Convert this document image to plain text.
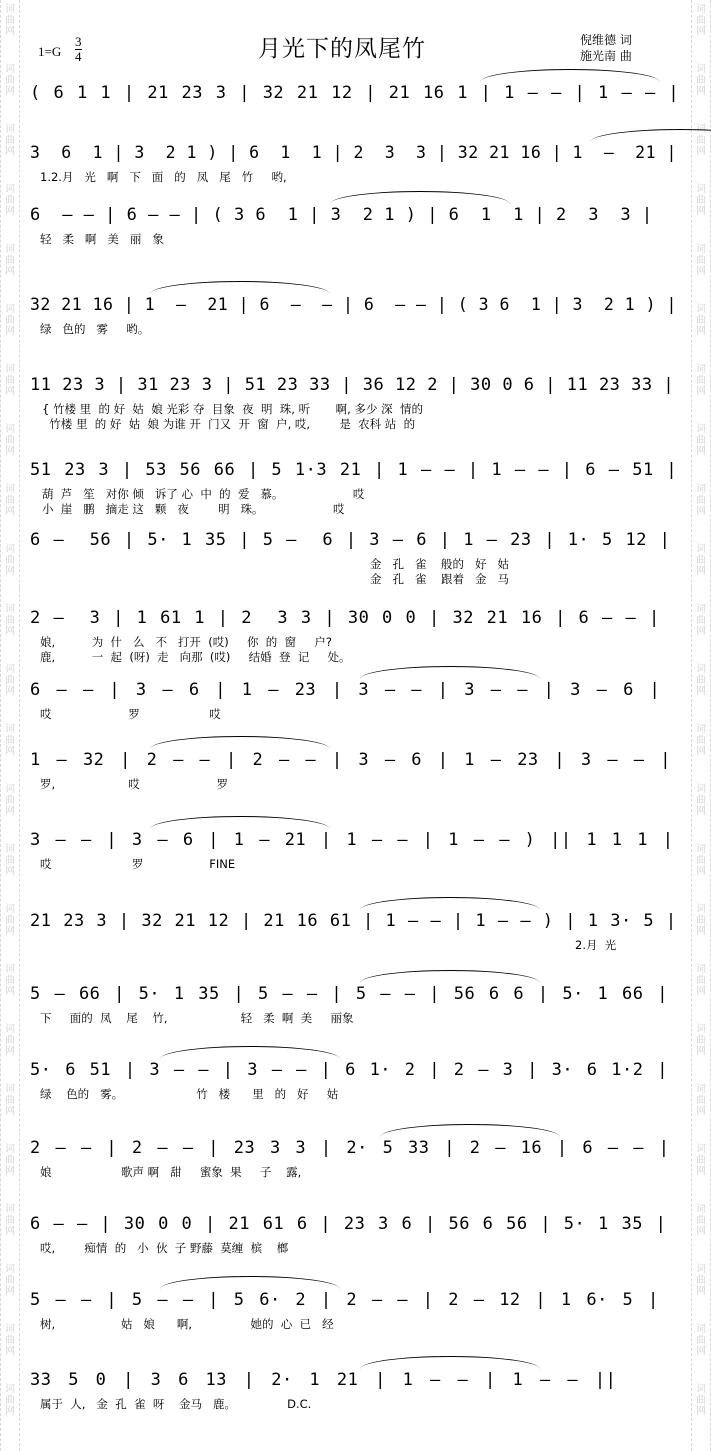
词
曲
网
词
曲
网
词
曲
网
词
曲
网
词
曲
网
词
曲
网
词
曲
网
词
曲
网
词
曲
网
词
曲
网
词
曲
网
词
曲
网
词
曲
网
词
曲
网
词
曲
网
词
曲
网
词
曲
网
词
曲
网
词
曲
网
词
曲
网
词
曲
网
词
曲
网
词
曲
网
词
曲
网
词
曲
网
词
曲
网
词
曲
网
词
曲
网
词
曲
网
词
曲
网
词
曲
网
词
曲
网
词
曲
网
词
曲
网
词
曲
网
词
曲
网
词
曲
网
词
曲
网
词
曲
网
词
曲
网
词
曲
网
词
曲
网
词
曲
网
词
曲
网
词
曲
网
词
曲
网
词
曲
网
词
曲
网
1=G
3
4	月光下的凤尾竹	倪维德 词
施光南 曲
( 6 1 1 | 21 23 3 | 32 21 12 | 21 16 1 | 1 – – | 1 – – |
3  6  1 | 3  2 1 ) | 6  1  1 | 2  3  3 | 32 21 16 | 1  –  21 |
1.2.月   光   啊   下   面   的   凤   尾   竹     哟,
6  – – | 6 – – | ( 3 6  1 | 3  2 1 ) | 6  1  1 | 2  3  3 |
轻   柔   啊   美   丽   象
32 21 16 | 1  –  21 | 6  –  – | 6  – – | ( 3 6  1 | 3  2 1 ) |
绿   色的   雾     哟。
11 23 3 | 31 23 3 | 51 23 33 | 36 12 2 | 30 0 6 | 11 23 33 |
{ 竹楼 里  的 好  姑  娘 光彩 夺  目象  夜  明  珠, 听       啊, 多少 深  情的
竹楼 里  的 好  姑  娘 为谁 开  门又  开  窗  户, 哎,        是  农科 站  的
51 23 3 | 53 56 66 | 5 1·3 21 | 1 – – | 1 – – | 6 – 51 |
葫  芦   笙   对你 倾   诉了 心  中  的  爱   慕。                   哎
小  崖   鹏   摘走 这   颗   夜        明   珠。                   哎
6 –  56 | 5· 1 35 | 5 –  6 | 3 – 6 | 1 – 23 | 1· 5 12 |
金   孔   雀    般的   好   姑
金   孔   雀    跟着   金   马
2 –  3 | 1 61 1 | 2  3 3 | 30 0 0 | 32 21 16 | 6 – – |
娘,          为  什   么   不   打开  (哎)     你  的  窗     户?
鹿,          一  起  (呀)  走   向那  (哎)     结婚  登  记     处。
6 – – | 3 – 6 | 1 – 23 | 3 – – | 3 – – | 3 – 6 |
哎                     罗                   哎
1 – 32 | 2 – – | 2 – – | 3 – 6 | 1 – 23 | 3 – – |
罗,                    哎                     罗
3 – – | 3 – 6 | 1 – 21 | 1 – – | 1 – – ) || 1 1 1 |
哎                      罗                  FINE
21 23 3 | 32 21 12 | 21 16 61 | 1 – – | 1 – – ) | 1 3· 5 |
2.月  光
5 – 66 | 5· 1 35 | 5 – – | 5 – – | 56 6 6 | 5· 1 66 |
下     面的  凤    尾    竹,                    轻   柔  啊  美     丽象
5· 6 51 | 3 – – | 3 – – | 6 1· 2 | 2 – 3 | 3· 6 1·2 |
绿    色的   雾。                    竹   楼      里   的   好     姑
2 – – | 2 – – | 23 3 3 | 2· 5 33 | 2 – 16 | 6 – – |
娘                   歌声 啊   甜     蜜象  果     子    露,
6 – – | 30 0 0 | 21 61 6 | 23 3 6 | 56 6 56 | 5· 1 35 |
哎,        痴情  的   小  伙  子 野藤  莫缠  槟    榔
5 – – | 5 – – | 5 6· 2 | 2 – – | 2 – 12 | 1 6· 5 |
树,                  姑   娘      啊,                她的  心  已   经
33 5 0 | 3 6 13 | 2· 1 21 | 1 – – | 1 – – ||
属于  人,   金  孔  雀  呀    金马   鹿。              D.C.
